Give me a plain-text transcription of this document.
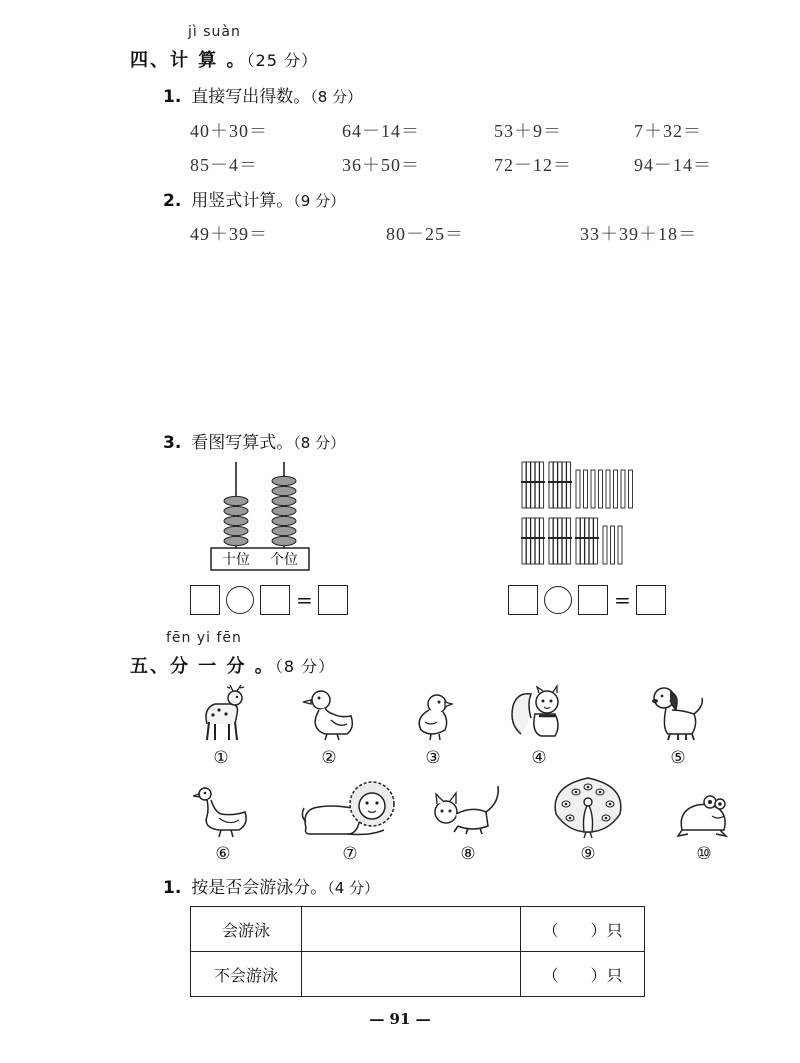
jì suàn
四、计 算 。（25 分）
1. 直接写出得数。（8 分）
40＋30＝	64－14＝	53＋9＝	7＋32＝
85－4＝	36＋50＝	72－12＝	94－14＝
2. 用竖式计算。（9 分）
49＋39＝	80－25＝	33＋39＋18＝
3. 看图写算式。（8 分）
十位 个位
=	=
fēn yi fēn
五、分 一 分 。（8 分）
①	②	③	④	⑤
⑥	⑦	⑧	⑨	⑩
1. 按是否会游泳分。（4 分）
会游泳		（　　）只
不会游泳		（　　）只
— 91 —
